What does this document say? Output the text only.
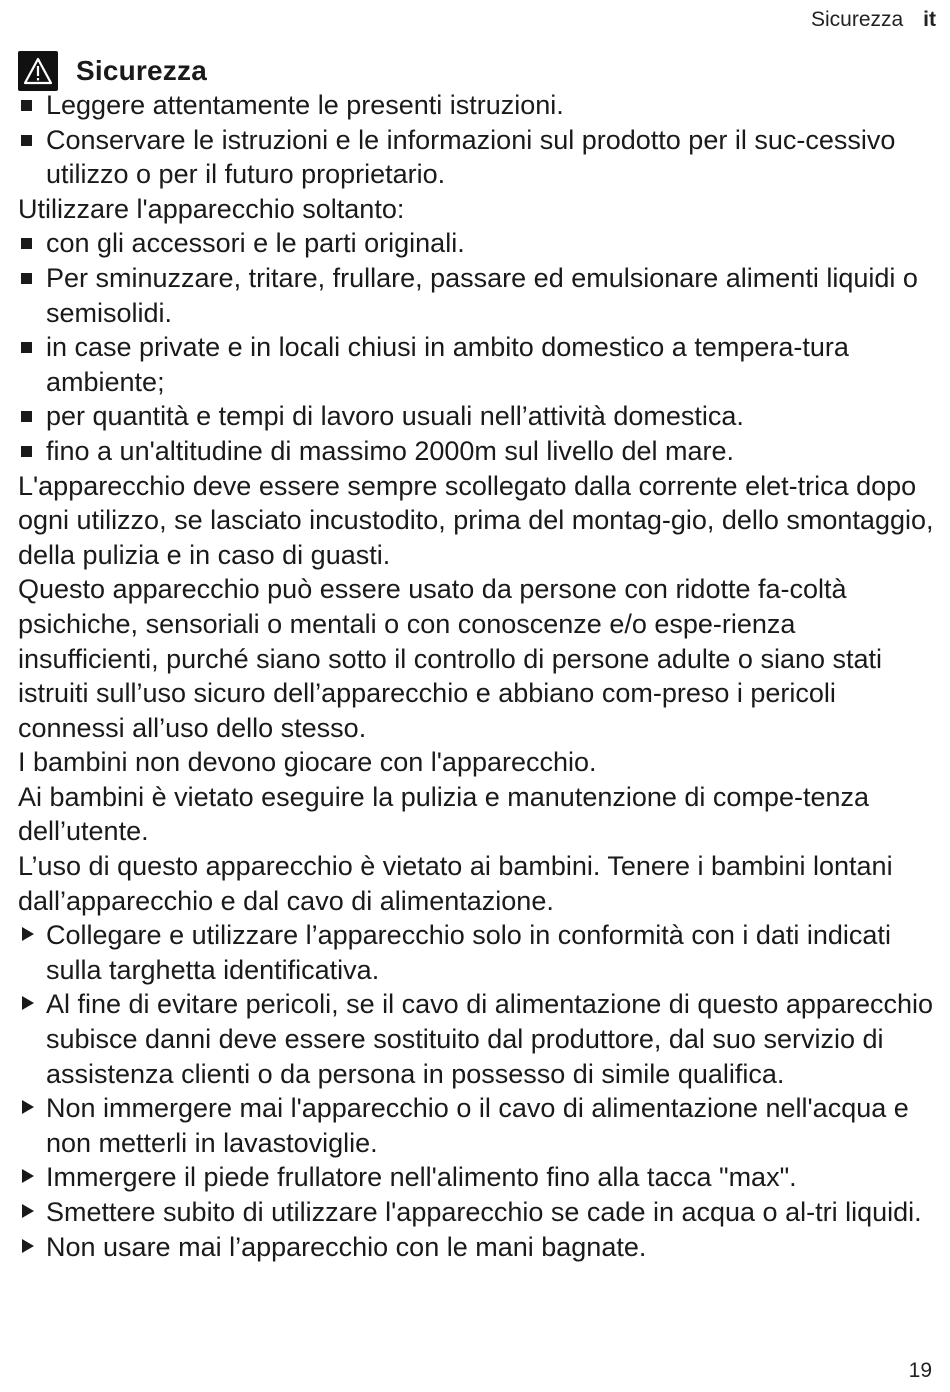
Sicurezza it
Sicurezza
Leggere attentamente le presenti istruzioni.
Conservare le istruzioni e le informazioni sul prodotto per il suc-cessivo utilizzo o per il futuro proprietario.

Utilizzare l'apparecchio soltanto:

con gli accessori e le parti originali.
Per sminuzzare, tritare, frullare, passare ed emulsionare alimenti liquidi o semisolidi.
in case private e in locali chiusi in ambito domestico a tempera-tura ambiente;
per quantità e tempi di lavoro usuali nell’attività domestica.
fino a un'altitudine di massimo 2000m sul livello del mare.

L'apparecchio deve essere sempre scollegato dalla corrente elet-trica dopo ogni utilizzo, se lasciato incustodito, prima del montag-gio, dello smontaggio, della pulizia e in caso di guasti.

Questo apparecchio può essere usato da persone con ridotte fa-coltà psichiche, sensoriali o mentali o con conoscenze e/o espe-rienza insufficienti, purché siano sotto il controllo di persone adulte o siano stati istruiti sull’uso sicuro dell’apparecchio e abbiano com-preso i pericoli connessi all’uso dello stesso.

I bambini non devono giocare con l'apparecchio.

Ai bambini è vietato eseguire la pulizia e manutenzione di compe-tenza dell’utente.

L’uso di questo apparecchio è vietato ai bambini. Tenere i bambini lontani dall’apparecchio e dal cavo di alimentazione.

Collegare e utilizzare l’apparecchio solo in conformità con i dati indicati sulla targhetta identificativa.
Al fine di evitare pericoli, se il cavo di alimentazione di questo apparecchio subisce danni deve essere sostituito dal produttore, dal suo servizio di assistenza clienti o da persona in possesso di simile qualifica.
Non immergere mai l'apparecchio o il cavo di alimentazione nell'acqua e non metterli in lavastoviglie.
Immergere il piede frullatore nell'alimento fino alla tacca "max".
Smettere subito di utilizzare l'apparecchio se cade in acqua o al-tri liquidi.
Non usare mai l’apparecchio con le mani bagnate.
19
